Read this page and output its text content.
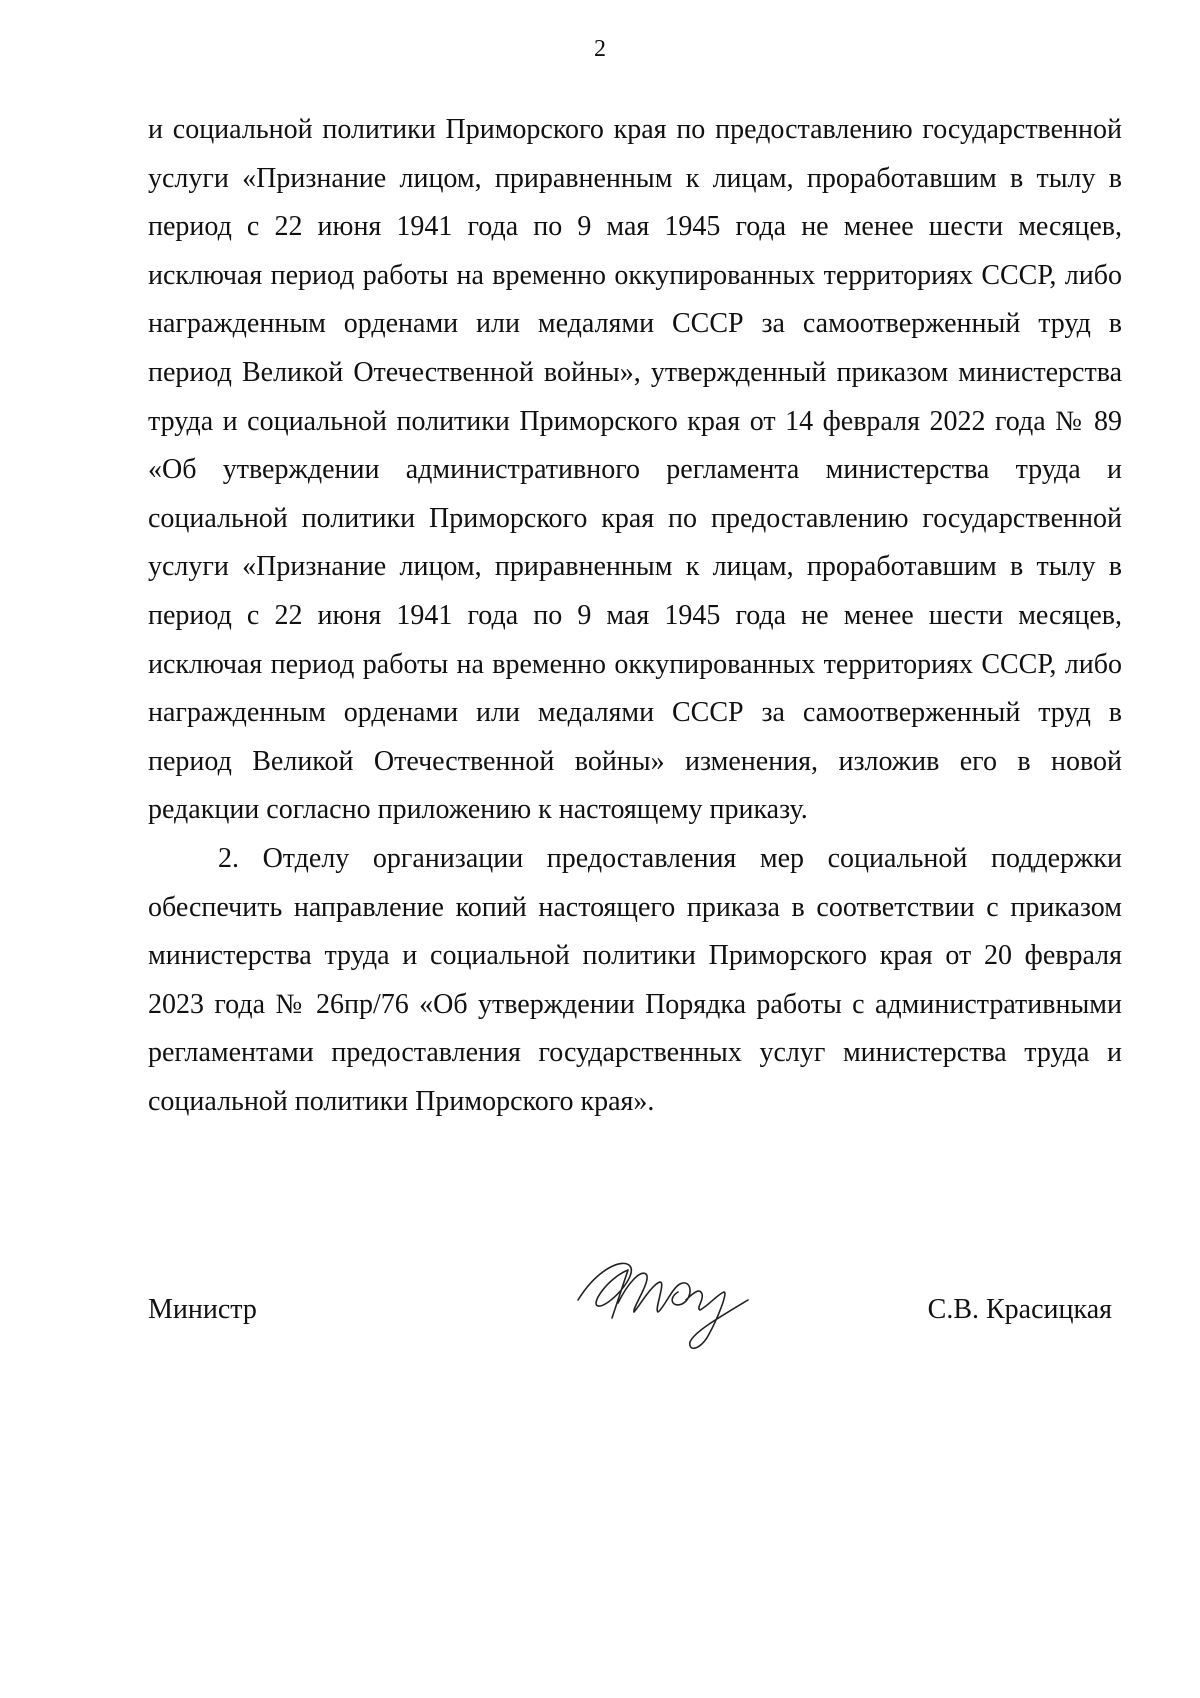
2

и социальной политики Приморского края по предоставлению государственной услуги «Признание лицом, приравненным к лицам, проработавшим в тылу в период с 22 июня 1941 года по 9 мая 1945 года не менее шести месяцев, исключая период работы на временно оккупированных территориях СССР, либо награжденным орденами или медалями СССР за самоотверженный труд в период Великой Отечественной войны», утвержденный приказом министерства труда и социальной политики Приморского края от 14 февраля 2022 года № 89 «Об утверждении административного регламента министерства труда и социальной политики Приморского края по предоставлению государственной услуги «Признание лицом, приравненным к лицам, проработавшим в тылу в период с 22 июня 1941 года по 9 мая 1945 года не менее шести месяцев, исключая период работы на временно оккупированных территориях СССР, либо награжденным орденами или медалями СССР за самоотверженный труд в период Великой Отечественной войны» изменения, изложив его в новой редакции согласно приложению к настоящему приказу.

2. Отделу организации предоставления мер социальной поддержки обеспечить направление копий настоящего приказа в соответствии с приказом министерства труда и социальной политики Приморского края от 20 февраля 2023 года № 26пр/76 «Об утверждении Порядка работы с административными регламентами предоставления государственных услуг министерства труда и социальной политики Приморского края».

Министр	С.В. Красицкая
